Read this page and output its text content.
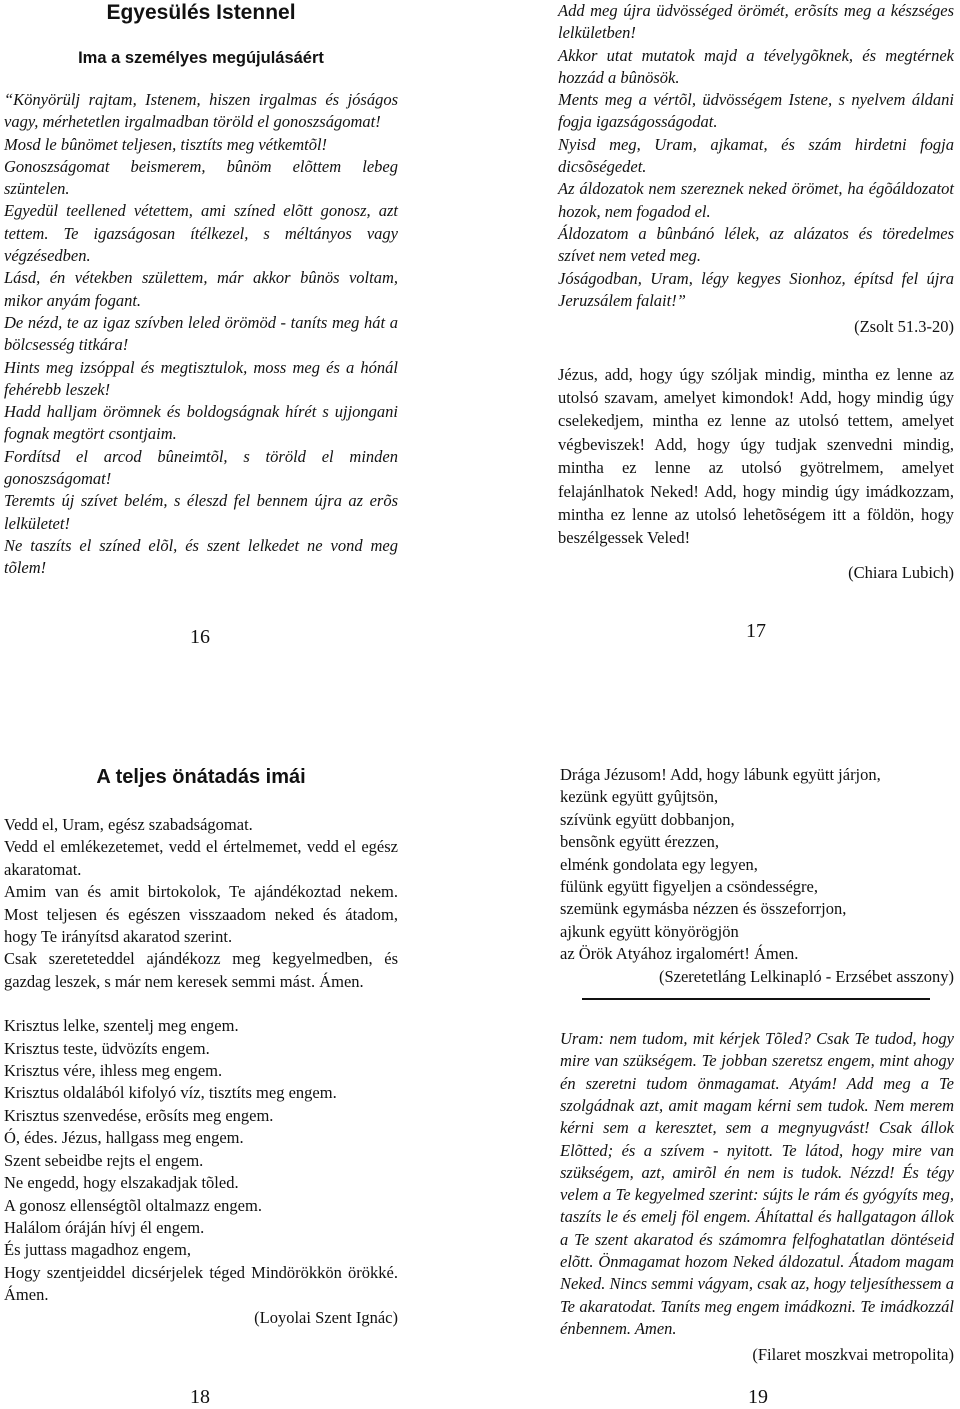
Egyesülés Istennel
Ima a személyes megújulásáért

“Könyörülj rajtam, Istenem, hiszen irgalmas és jóságos vagy, mérhetetlen irgalmadban töröld el gonoszságomat!

Mosd le bûnömet teljesen, tisztíts meg vétkemtõl!

Gonoszságomat beismerem, bûnöm elõttem lebeg szüntelen.

Egyedül teellened vétettem, ami színed elõtt gonosz, azt tettem. Te igazságosan ítélkezel, s méltányos vagy végzésedben.

Lásd, én vétekben születtem, már akkor bûnös voltam, mikor anyám fogant.

De nézd, te az igaz szívben leled örömöd - taníts meg hát a bölcsesség titkára!

Hints meg izsóppal és megtisztulok, moss meg és a hónál fehérebb leszek!

Hadd halljam örömnek és boldogságnak hírét s ujjongani fognak megtört csontjaim.

Fordítsd el arcod bûneimtõl, s töröld el minden gonoszságomat!

Teremts új szívet belém, s éleszd fel bennem újra az erõs lelkületet!

Ne taszíts el színed elõl, és szent lelkedet ne vond meg tõlem!

16

Add meg újra üdvösséged örömét, erõsíts meg a készséges lelkületben!

Akkor utat mutatok majd a tévelygõknek, és megtérnek hozzád a bûnösök.

Ments meg a vértõl, üdvösségem Istene, s nyelvem áldani fogja igazságosságodat.

Nyisd meg, Uram, ajkamat, és szám hirdetni fogja dicsõségedet.

Az áldozatok nem szereznek neked örömet, ha égõáldozatot hozok, nem fogadod el.

Áldozatom a bûnbánó lélek, az alázatos és töredelmes szívet nem veted meg.

Jóságodban, Uram, légy kegyes Sionhoz, építsd fel újra Jeruzsálem falait!”

(Zsolt 51.3-20)

Jézus, add, hogy úgy szóljak mindig, mintha ez lenne az utolsó szavam, amelyet kimondok! Add, hogy mindig úgy cselekedjem, mintha ez lenne az utolsó tettem, amelyet végbeviszek! Add, hogy úgy tudjak szenvedni mindig, mintha ez lenne az utolsó gyötrelmem, amelyet felajánlhatok Neked! Add, hogy mindig úgy imádkozzam, mintha ez lenne az utolsó lehetõségem itt a földön, hogy beszélgessek Veled!

(Chiara Lubich)

17
A teljes önátadás imái

Vedd el, Uram, egész szabadságomat.

Vedd el emlékezetemet, vedd el értelmemet, vedd el egész akaratomat.

Amim van és amit birtokolok, Te ajándékoztad nekem. Most teljesen és egészen visszaadom neked és átadom, hogy Te irányítsd akaratod szerint.

Csak szereteteddel ajándékozz meg kegyelmedben, és gazdag leszek, s már nem keresek semmi mást. Ámen.

Krisztus lelke, szentelj meg engem.

Krisztus teste, üdvözíts engem.

Krisztus vére, ihless meg engem.

Krisztus oldalából kifolyó víz, tisztíts meg engem.

Krisztus szenvedése, erõsíts meg engem.

Ó, édes. Jézus, hallgass meg engem.

Szent sebeidbe rejts el engem.

Ne engedd, hogy elszakadjak tõled.

A gonosz ellenségtõl oltalmazz engem.

Halálom óráján hívj él engem.

És juttass magadhoz engem,

Hogy szentjeiddel dicsérjelek téged Mindörökkön örökké. Ámen.

(Loyolai Szent Ignác)

18

Drága Jézusom! Add, hogy lábunk együtt járjon,

kezünk együtt gyûjtsön,

szívünk együtt dobbanjon,

bensõnk együtt érezzen,

elménk gondolata egy legyen,

fülünk együtt figyeljen a csöndességre,

szemünk egymásba nézzen és összeforrjon,

ajkunk együtt könyörögjön

az Örök Atyához irgalomért! Ámen.

(Szeretetláng Lelkinapló - Erzsébet asszony)

Uram: nem tudom, mit kérjek Tõled? Csak Te tudod, hogy mire van szükségem. Te jobban szeretsz engem, mint ahogy én szeretni tudom önmagamat. Atyám! Add meg a Te szolgádnak azt, amit magam kérni sem tudok. Nem merem kérni sem a keresztet, sem a megnyugvást! Csak állok Elõtted; és a szívem - nyitott. Te látod, hogy mire van szükségem, azt, amirõl én nem is tudok. Nézzd! És tégy velem a Te kegyelmed szerint: sújts le rám és gyógyíts meg, taszíts le és emelj föl engem. Áhítattal és hallgatagon állok a Te szent akaratod és számomra felfoghatatlan döntéseid elõtt. Önmagamat hozom Neked áldozatul. Átadom magam Neked. Nincs semmi vágyam, csak az, hogy teljesíthessem a Te akaratodat. Taníts meg engem imádkozni. Te imádkozzál énbennem. Amen.

(Filaret moszkvai metropolita)

19
